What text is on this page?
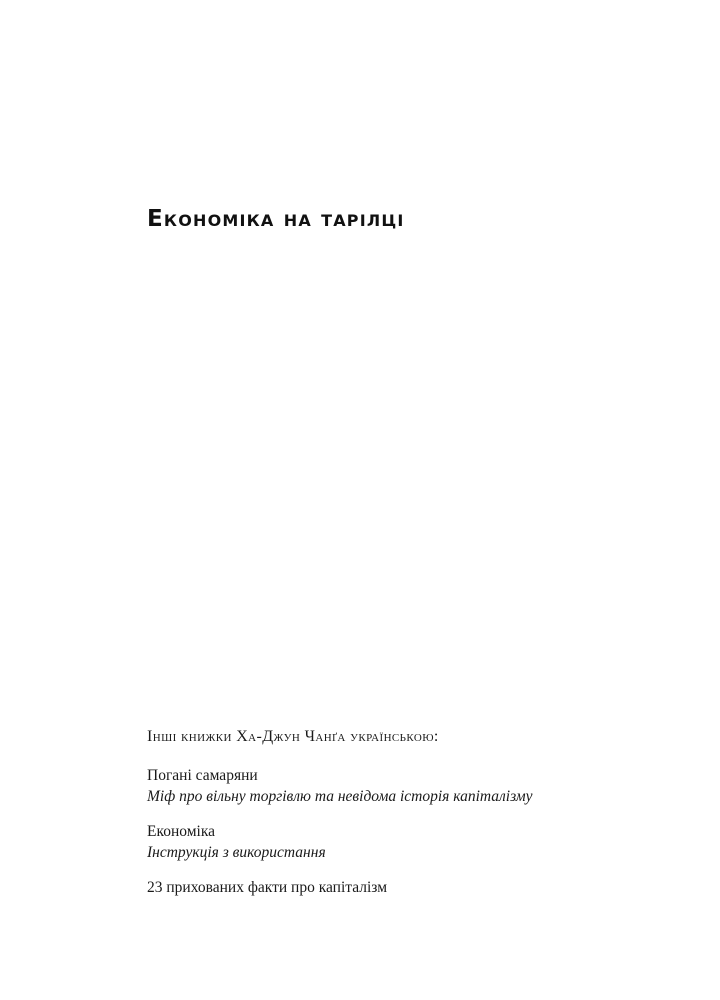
Економіка на тарілці

Інші книжки Ха-Джун Чанґа українською:

Погані самаряни
Міф про вільну торгівлю та невідома історія капіталізму
Економіка
Інструкція з використання
23 прихованих факти про капіталізм
